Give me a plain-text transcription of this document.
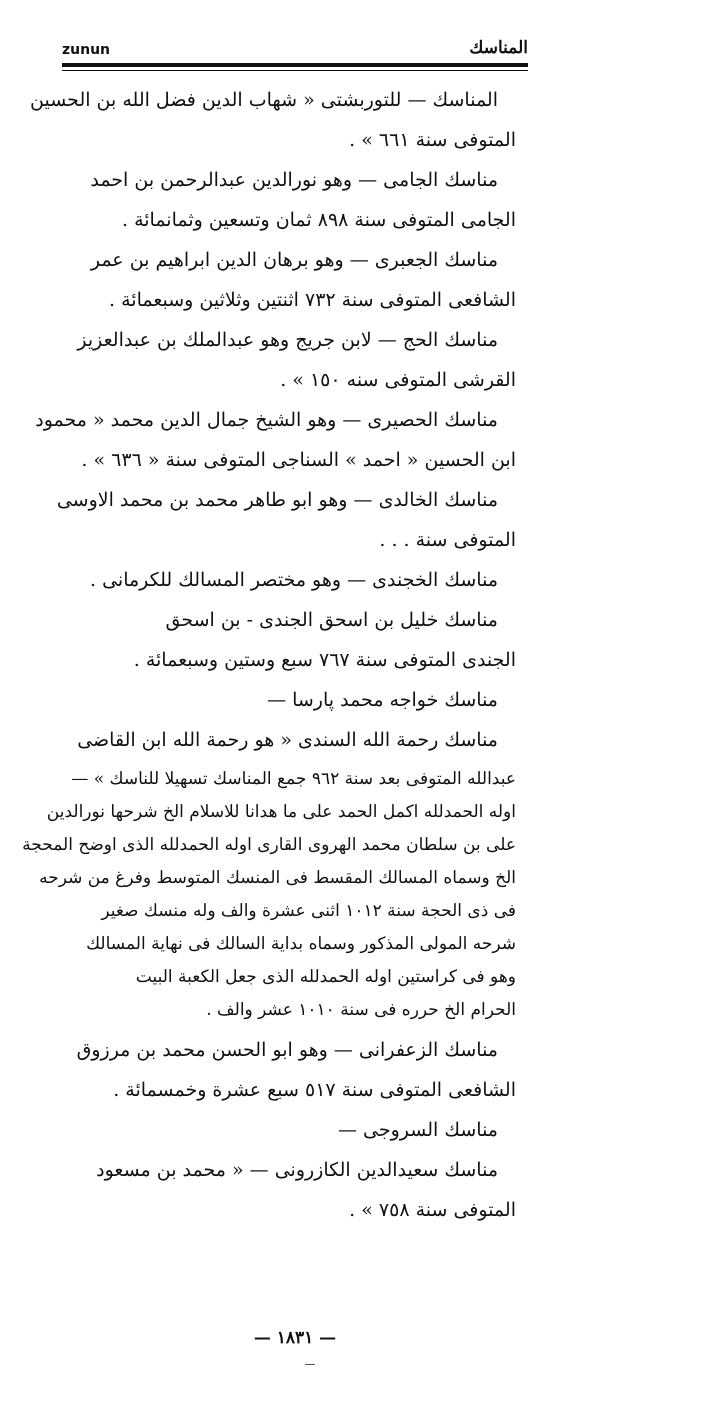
zunun	المناسك
المناسك — للتوربشتى « شهاب الدين فضل الله بن الحسين
المتوفى سنة ٦٦١ » .
مناسك الجامى — وهو نورالدين عبدالرحمن بن احمد
الجامى المتوفى سنة ٨٩٨ ثمان وتسعين وثمانمائة .
مناسك الجعبرى — وهو برهان الدين ابراهيم بن عمر
الشافعى المتوفى سنة ٧٣٢ اثنتين وثلاثين وسبعمائة .
مناسك الحج — لابن جريج وهو عبدالملك بن عبدالعزيز
القرشى المتوفى سنه ١٥٠ » .
مناسك الحصيرى — وهو الشيخ جمال الدين محمد « محمود
ابن الحسين « احمد » السناجى المتوفى سنة « ٦٣٦ » .
مناسك الخالدى — وهو ابو طاهر محمد بن محمد الاوسى
المتوفى سنة . . .
مناسك الخجندى — وهو مختصر المسالك للكرمانى .
مناسك خليل بن اسحق الجندى - بن اسحق
الجندى المتوفى سنة ٧٦٧ سبع وستين وسبعمائة .
مناسك خواجه محمد پارسا —
مناسك رحمة الله السندى « هو رحمة الله ابن القاضى
عبدالله المتوفى بعد سنة ٩٦٢ جمع المناسك تسهيلا للناسك » —
اوله الحمدلله اكمل الحمد على ما هدانا للاسلام الخ شرحها نورالدين
على بن سلطان محمد الهروى القارى اوله الحمدلله الذى اوضح المحجة
الخ وسماه المسالك المقسط فى المنسك المتوسط وفرغ من شرحه
فى ذى الحجة سنة ١٠١٢ اثنى عشرة والف وله منسك صغير
شرحه المولى المذكور وسماه بداية السالك فى نهاية المسالك
وهو فى كراستين اوله الحمدلله الذى جعل الكعبة البيت
الحرام الخ حرره فى سنة ١٠١٠ عشر والف .
مناسك الزعفرانى — وهو ابو الحسن محمد بن مرزوق
الشافعى المتوفى سنة ٥١٧ سبع عشرة وخمسمائة .
مناسك السروجى —
مناسك سعيدالدين الكازرونى — « محمد بن مسعود
المتوفى سنة ٧٥٨ » .
— ١٨٣١ —
